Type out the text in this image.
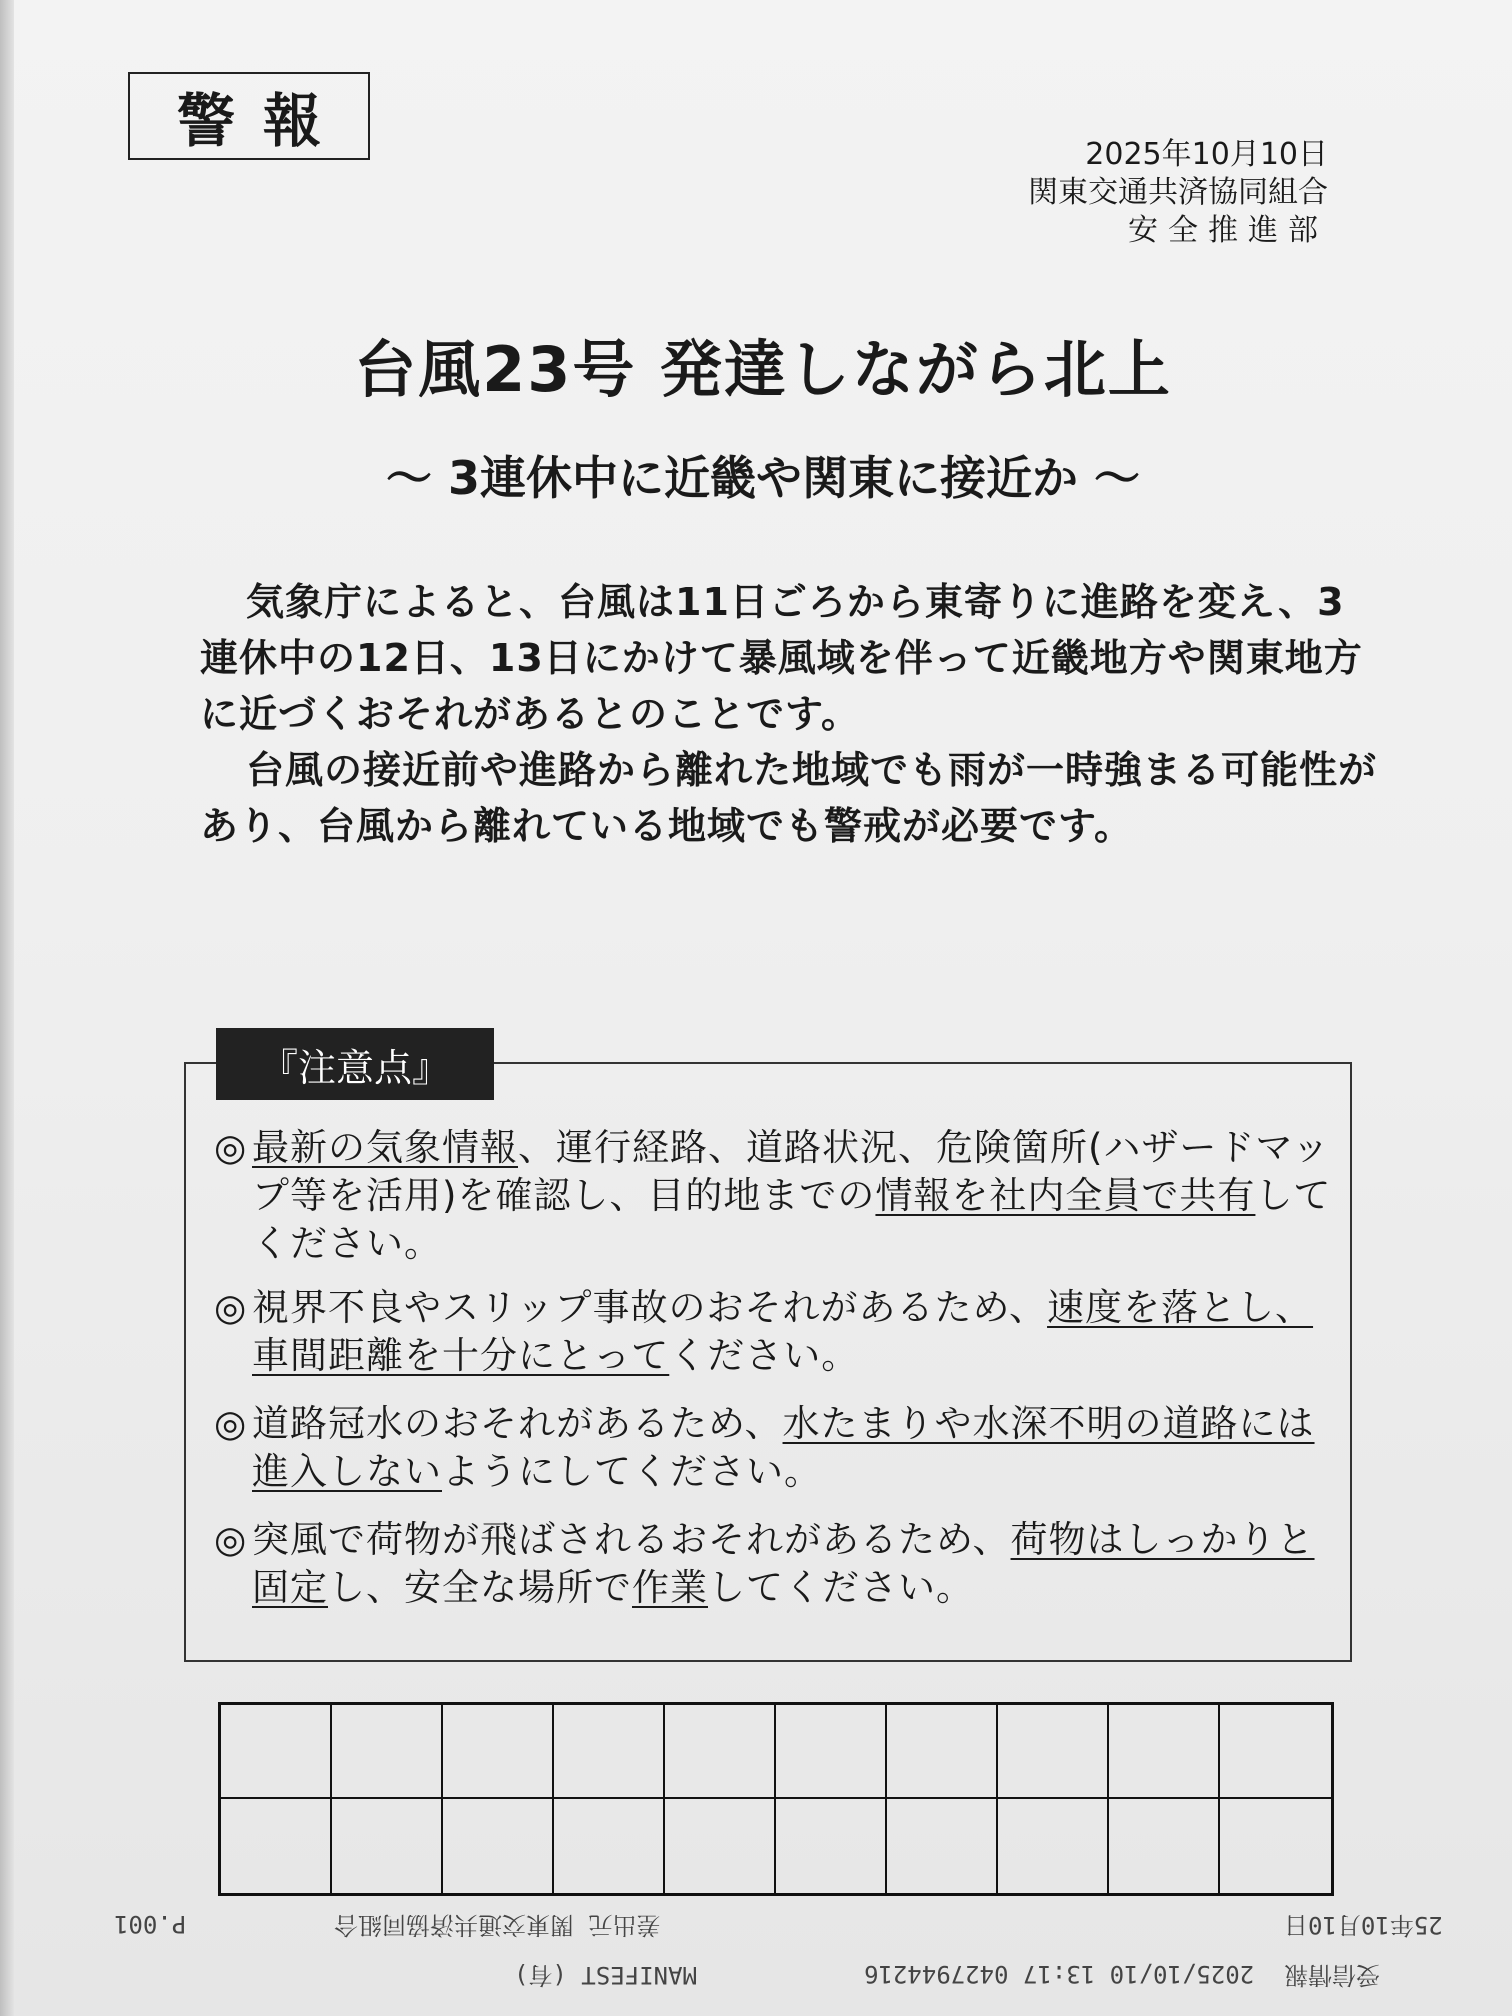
警報	2025年10月10日
関東交通共済協同組合
安全推進部
台風23号 発達しながら北上
～ 3連休中に近畿や関東に接近か ～

気象庁によると、台風は11日ごろから東寄りに進路を変え、3連休中の12日、13日にかけて暴風域を伴って近畿地方や関東地方に近づくおそれがあるとのことです。

台風の接近前や進路から離れた地域でも雨が一時強まる可能性があり、台風から離れている地域でも警戒が必要です。

『注意点』
◎ 最新の気象情報、運行経路、道路状況、危険箇所(ハザードマップ等を活用)を確認し、目的地までの情報を社内全員で共有してください。
◎ 視界不良やスリップ事故のおそれがあるため、速度を落とし、車間距離を十分にとってください。
◎ 道路冠水のおそれがあるため、水たまりや水深不明の道路には進入しないようにしてください。
◎ 突風で荷物が飛ばされるおそれがあるため、荷物はしっかりと固定し、安全な場所で作業してください。
P.001	差出元 関東交通共済協同組合	25年10月10日
MANIFEST (有)	2025/10/10 13:17 0427944216 受信情報
